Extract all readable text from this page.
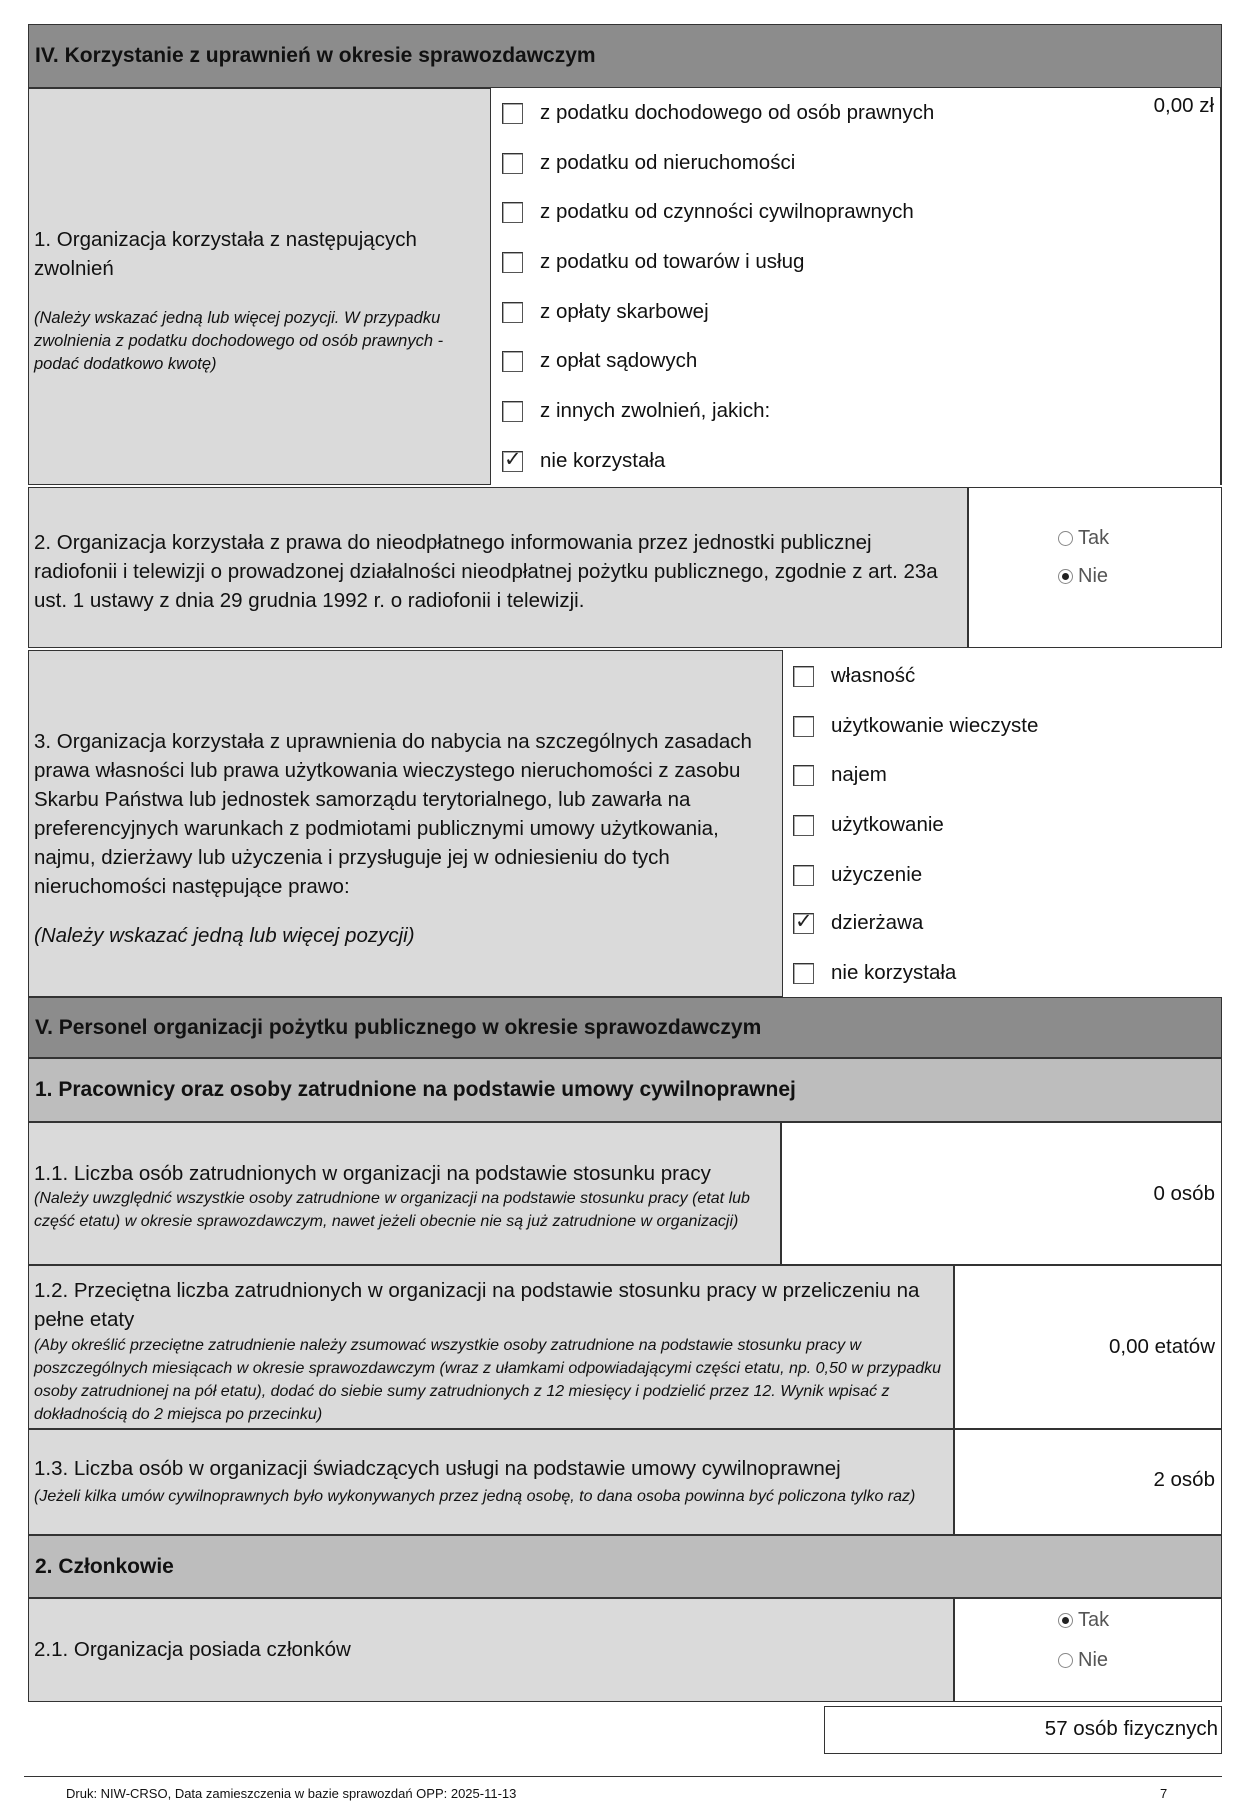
IV. Korzystanie z uprawnień w okresie sprawozdawczym
1. Organizacja korzystała z następujących zwolnień
(Należy wskazać jedną lub więcej pozycji. W przypadku zwolnienia z podatku dochodowego od osób prawnych - podać dodatkowo kwotę)
0,00 zł
z podatku dochodowego od osób prawnych
z podatku od nieruchomości
z podatku od czynności cywilnoprawnych
z podatku od towarów i usług
z opłaty skarbowej
z opłat sądowych
z innych zwolnień, jakich:
✓
nie korzystała
2. Organizacja korzystała z prawa do nieodpłatnego informowania przez jednostki publicznej radiofonii i telewizji o prowadzonej działalności nieodpłatnej pożytku publicznego, zgodnie z art. 23a ust. 1 ustawy z dnia 29 grudnia 1992 r. o radiofonii i telewizji.
Tak
Nie
3. Organizacja korzystała z uprawnienia do nabycia na szczególnych zasadach prawa własności lub prawa użytkowania wieczystego nieruchomości z zasobu Skarbu Państwa lub jednostek samorządu terytorialnego, lub zawarła na preferencyjnych warunkach z podmiotami publicznymi umowy użytkowania, najmu, dzierżawy lub użyczenia i przysługuje jej w odniesieniu do tych nieruchomości następujące prawo:
(Należy wskazać jedną lub więcej pozycji)
własność
użytkowanie wieczyste
najem
użytkowanie
użyczenie
✓
dzierżawa
nie korzystała
V. Personel organizacji pożytku publicznego w okresie sprawozdawczym
1. Pracownicy oraz osoby zatrudnione na podstawie umowy cywilnoprawnej
1.1. Liczba osób zatrudnionych w organizacji na podstawie stosunku pracy
(Należy uwzględnić wszystkie osoby zatrudnione w organizacji na podstawie stosunku pracy (etat lub część etatu) w okresie sprawozdawczym, nawet jeżeli obecnie nie są już zatrudnione w organizacji)
0 osób
1.2. Przeciętna liczba zatrudnionych w organizacji na podstawie stosunku pracy w przeliczeniu na pełne etaty
(Aby określić przeciętne zatrudnienie należy zsumować wszystkie osoby zatrudnione na podstawie stosunku pracy w poszczególnych miesiącach w okresie sprawozdawczym (wraz z ułamkami odpowiadającymi części etatu, np. 0,50 w przypadku osoby zatrudnionej na pół etatu), dodać do siebie sumy zatrudnionych z 12 miesięcy i podzielić przez 12. Wynik wpisać z dokładnością do 2 miejsca po przecinku)
0,00 etatów
1.3. Liczba osób w organizacji świadczących usługi na podstawie umowy cywilnoprawnej
(Jeżeli kilka umów cywilnoprawnych było wykonywanych przez jedną osobę, to dana osoba powinna być policzona tylko raz)
2 osób
2. Członkowie
2.1. Organizacja posiada członków
Tak
Nie
57 osób fizycznych
Druk: NIW-CRSO, Data zamieszczenia w bazie sprawozdań OPP: 2025-11-13	7
